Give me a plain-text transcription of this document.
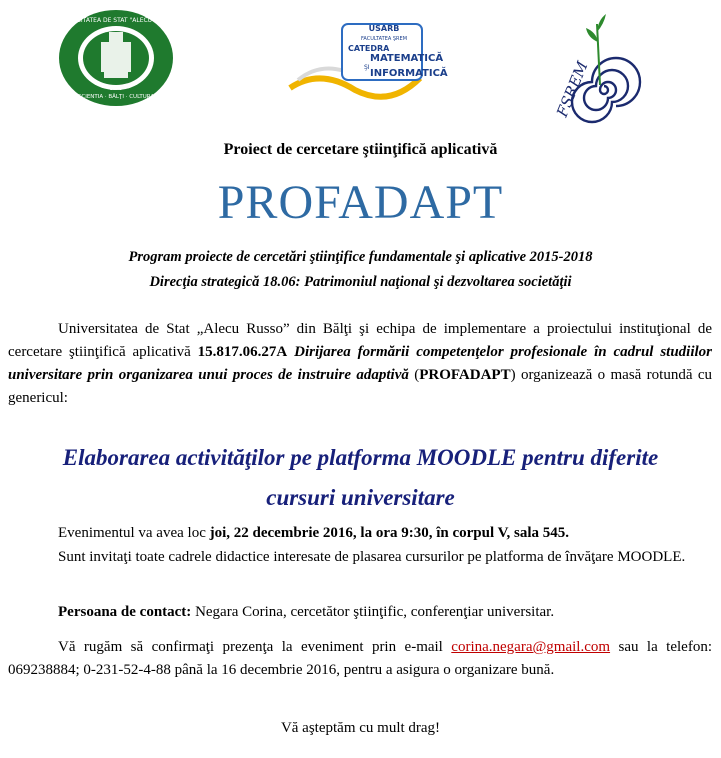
UNIVERSITATEA DE STAT "ALECU RUSSO"
SCIENTIA · BĂLŢI · CULTURA
1945
USARB
FACULTATEA ŞREM
CATEDRA
MATEMATICĂ
ŞI
INFORMATICĂ	FSREM
Proiect de cercetare ştiinţifică aplicativă
PROFADAPT
Program proiecte de cercetări ştiinţifice fundamentale şi aplicative 2015-2018
Direcţia strategică 18.06: Patrimoniul naţional şi dezvoltarea societăţii
Universitatea de Stat „Alecu Russo” din Bălţi şi echipa de implementare a proiectului instituţional de cercetare ştiinţifică aplicativă 15.817.06.27A Dirijarea formării competenţelor profesionale în cadrul studiilor universitare prin organizarea unui proces de instruire adaptivă (PROFADAPT) organizează o masă rotundă cu genericul:
Elaborarea activităţilor pe platforma MOODLE pentru diferite cursuri universitare
Evenimentul va avea loc joi, 22 decembrie 2016, la ora 9:30, în corpul V, sala 545.
Sunt invitaţi toate cadrele didactice interesate de plasarea cursurilor pe platforma de învăţare MOODLE.
Persoana de contact: Negara Corina, cercetător ştiinţific, conferenţiar universitar.
Vă rugăm să confirmaţi prezenţa la eveniment prin e-mail corina.negara@gmail.com sau la telefon: 069238884; 0-231-52-4-88 până la 16 decembrie 2016, pentru a asigura o organizare bună.
Vă aşteptăm cu mult drag!
